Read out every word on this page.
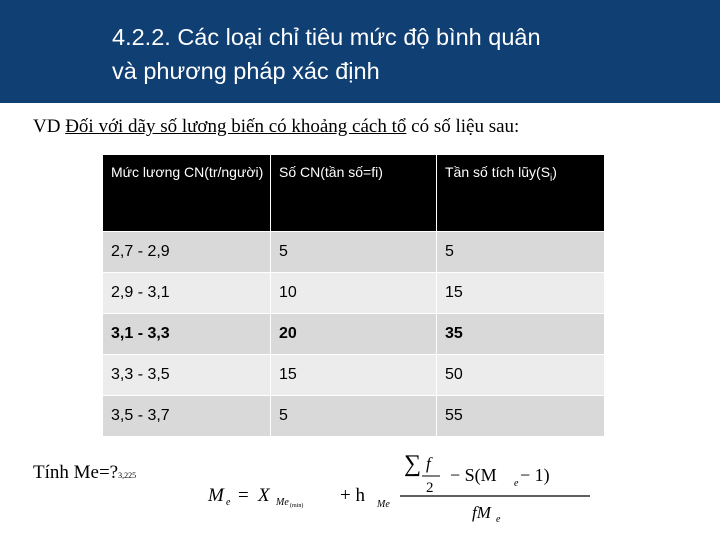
4.2.2. Các loại chỉ tiêu mức độ bình quân
và phương pháp xác định
VD Đối với dãy số lương biến có khoảng cách tổ có số liệu sau:
Mức lương CN(tr/người)	Số CN(tần số=fi)	Tần số tích $lũy(S_i)$
2,7 - 2,9	5	5
2,9 - 3,1	10	15
3,1 - 3,3	20	35
3,3 - 3,5	15	50
3,5 - 3,7	5	55
Tính Me=?3,225	∑ f
2
− S(M e − 1)
fM e
M e = X Me (min) + h Me
